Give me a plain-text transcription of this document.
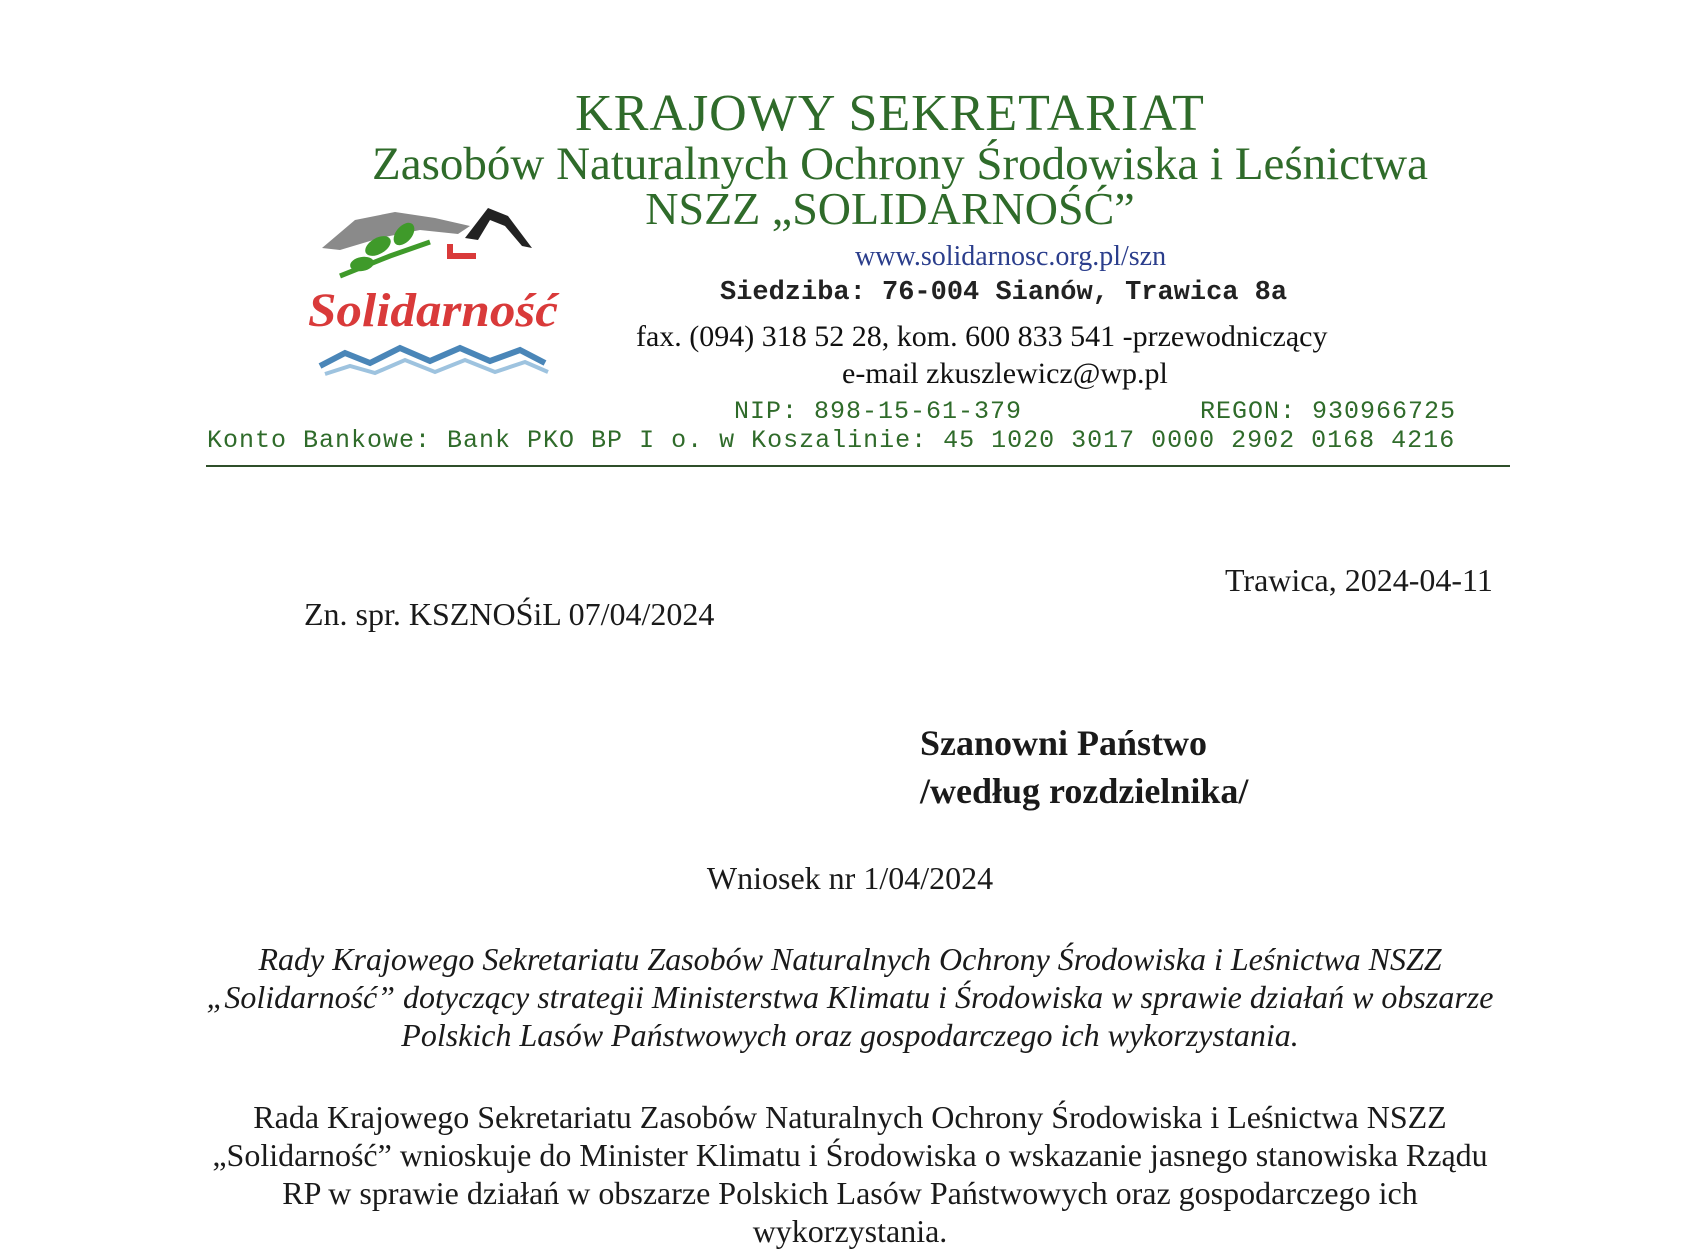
KRAJOWY SEKRETARIAT
Zasobów Naturalnych Ochrony Środowiska i Leśnictwa
NSZZ „SOLIDARNOŚĆ”
Solidarność
www.solidarnosc.org.pl/szn
Siedziba: 76-004 Sianów, Trawica 8a
fax. (094) 318 52 28, kom. 600 833 541 -przewodniczący
e-mail zkuszlewicz@wp.pl
NIP: 898-15-61-379	REGON: 930966725
Konto Bankowe: Bank PKO BP I o. w Koszalinie: 45 1020 3017 0000 2902 0168 4216
Trawica, 2024-04-11
Zn. spr. KSZNOŚiL 07/04/2024
Szanowni Państwo
/według rozdzielnika/
Wniosek nr 1/04/2024
Rady Krajowego Sekretariatu Zasobów Naturalnych Ochrony Środowiska i Leśnictwa NSZZ „Solidarność” dotyczący strategii Ministerstwa Klimatu i Środowiska w sprawie działań w obszarze Polskich Lasów Państwowych oraz gospodarczego ich wykorzystania.
Rada Krajowego Sekretariatu Zasobów Naturalnych Ochrony Środowiska i Leśnictwa NSZZ „Solidarność” wnioskuje do Minister Klimatu i Środowiska o wskazanie jasnego stanowiska Rządu RP w sprawie działań w obszarze Polskich Lasów Państwowych oraz gospodarczego ich wykorzystania.
